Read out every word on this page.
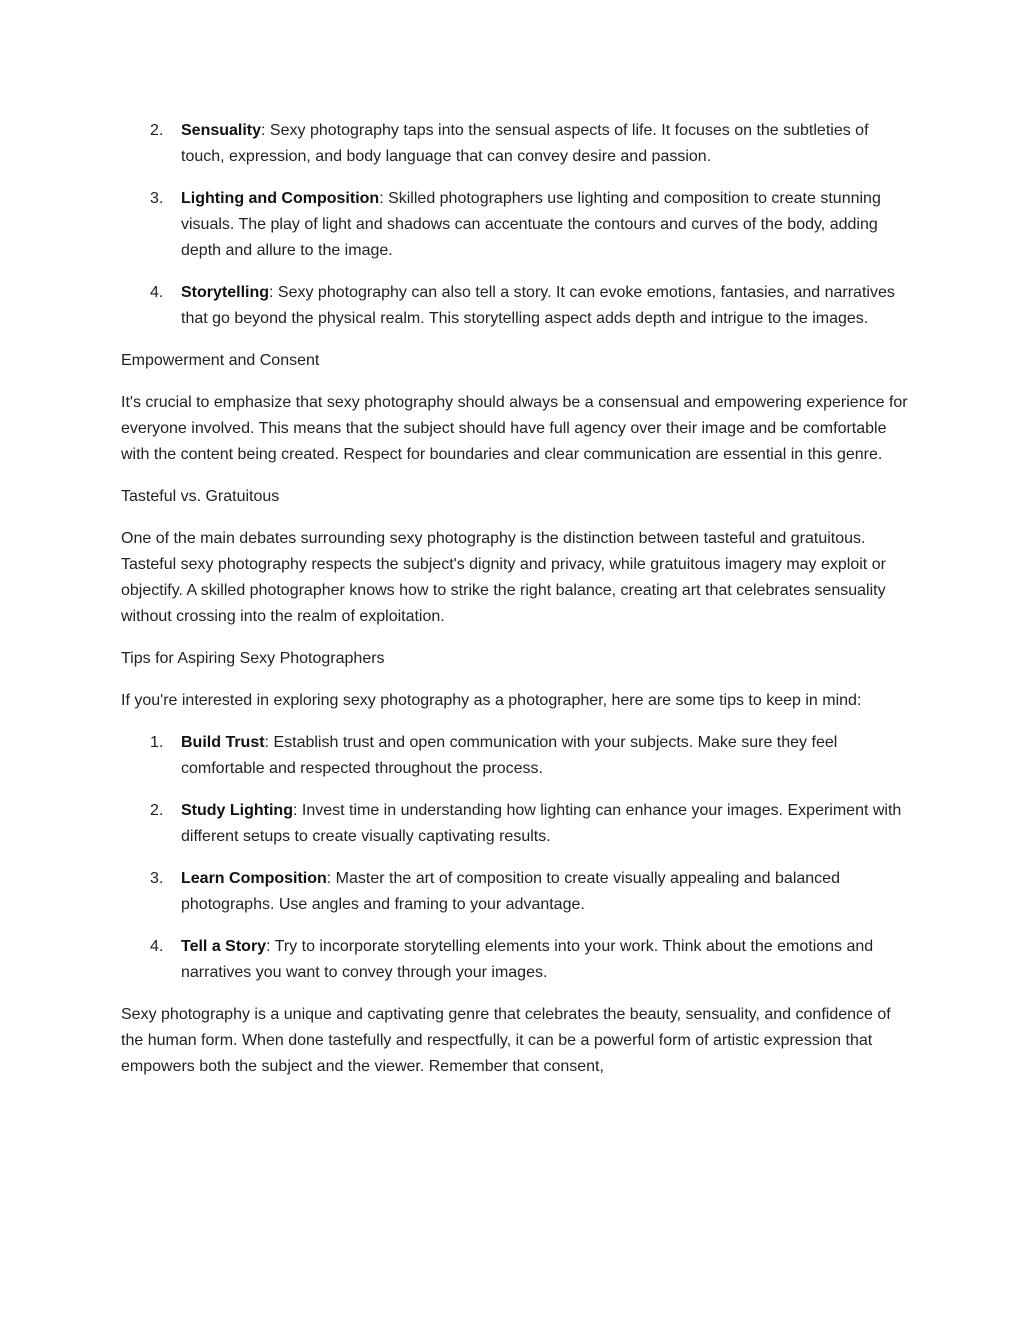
2.	Sensuality: Sexy photography taps into the sensual aspects of life. It focuses on the subtleties of touch, expression, and body language that can convey desire and passion.
3.	Lighting and Composition: Skilled photographers use lighting and composition to create stunning visuals. The play of light and shadows can accentuate the contours and curves of the body, adding depth and allure to the image.
4.	Storytelling: Sexy photography can also tell a story. It can evoke emotions, fantasies, and narratives that go beyond the physical realm. This storytelling aspect adds depth and intrigue to the images.

Empowerment and Consent

It's crucial to emphasize that sexy photography should always be a consensual and empowering experience for everyone involved. This means that the subject should have full agency over their image and be comfortable with the content being created. Respect for boundaries and clear communication are essential in this genre.

Tasteful vs. Gratuitous

One of the main debates surrounding sexy photography is the distinction between tasteful and gratuitous. Tasteful sexy photography respects the subject's dignity and privacy, while gratuitous imagery may exploit or objectify. A skilled photographer knows how to strike the right balance, creating art that celebrates sensuality without crossing into the realm of exploitation.

Tips for Aspiring Sexy Photographers

If you're interested in exploring sexy photography as a photographer, here are some tips to keep in mind:

1.	Build Trust: Establish trust and open communication with your subjects. Make sure they feel comfortable and respected throughout the process.
2.	Study Lighting: Invest time in understanding how lighting can enhance your images. Experiment with different setups to create visually captivating results.
3.	Learn Composition: Master the art of composition to create visually appealing and balanced photographs. Use angles and framing to your advantage.
4.	Tell a Story: Try to incorporate storytelling elements into your work. Think about the emotions and narratives you want to convey through your images.

Sexy photography is a unique and captivating genre that celebrates the beauty, sensuality, and confidence of the human form. When done tastefully and respectfully, it can be a powerful form of artistic expression that empowers both the subject and the viewer. Remember that consent,
